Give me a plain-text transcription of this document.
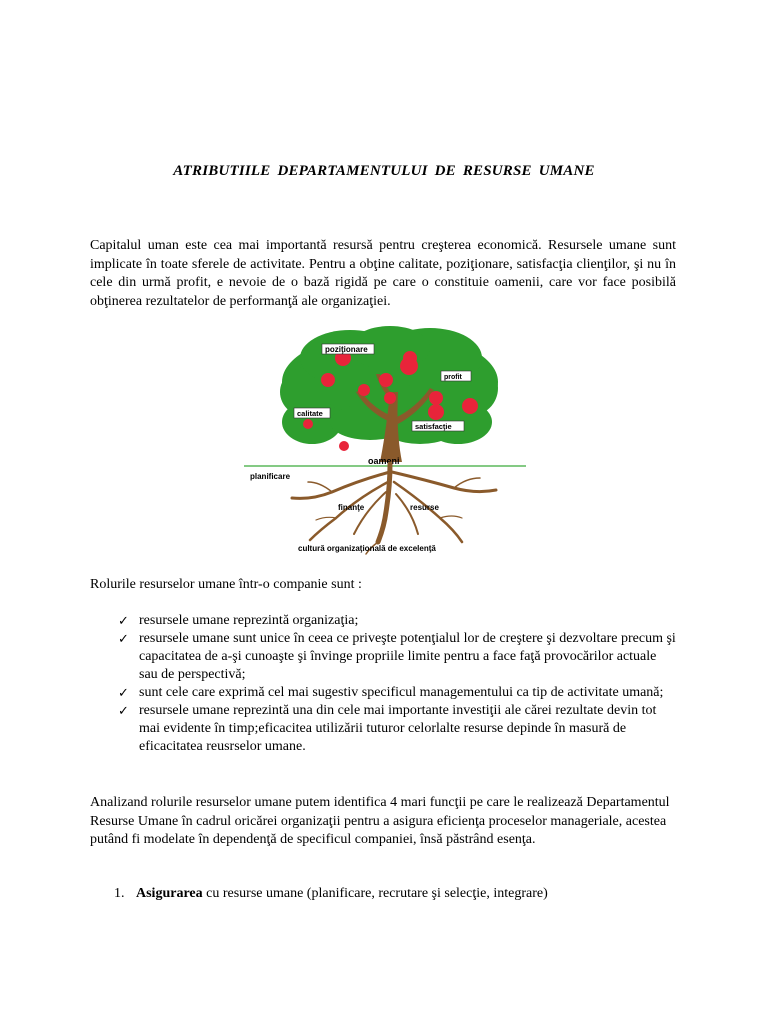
ATRIBUTIILE DEPARTAMENTULUI DE RESURSE UMANE

Capitalul uman este cea mai importantă resursă pentru creşterea economică. Resursele umane sunt implicate în toate sferele de activitate. Pentru a obţine calitate, poziţionare, satisfacţia clienţilor, şi nu în cele din urmă profit, e nevoie de o bază rigidă pe care o constituie oamenii, care vor face posibilă obţinerea rezultatelor de performanţă ale organizaţiei.

poziţionare
profit
calitate
satisfacţie
oameni
planificare
finanţe	resurse
cultură organizaţională de excelenţă

Rolurile resurselor umane într-o companie sunt :

✓ resursele umane reprezintă organizaţia;
✓ resursele umane sunt unice în ceea ce priveşte potenţialul lor de creştere şi dezvoltare precum şi capacitatea de a-şi cunoaşte şi învinge propriile limite pentru a face faţă provocărilor actuale sau de perspectivă;
✓ sunt cele care exprimă cel mai sugestiv specificul managementului ca tip de activitate umană;
✓ resursele umane reprezintă una din cele mai importante investiţii ale cărei rezultate devin tot mai evidente în timp;eficacitea utilizării tuturor celorlalte resurse depinde în masură de eficacitatea reusrselor umane.

Analizand rolurile resurselor umane putem identifica 4 mari funcţii pe care le realizează Departamentul Resurse Umane în cadrul oricărei organizaţii pentru a asigura eficienţa proceselor manageriale, acestea putând fi modelate în dependenţă de specificul companiei, însă păstrând esenţa.

1. Asigurarea cu resurse umane (planificare, recrutare şi selecţie, integrare)
